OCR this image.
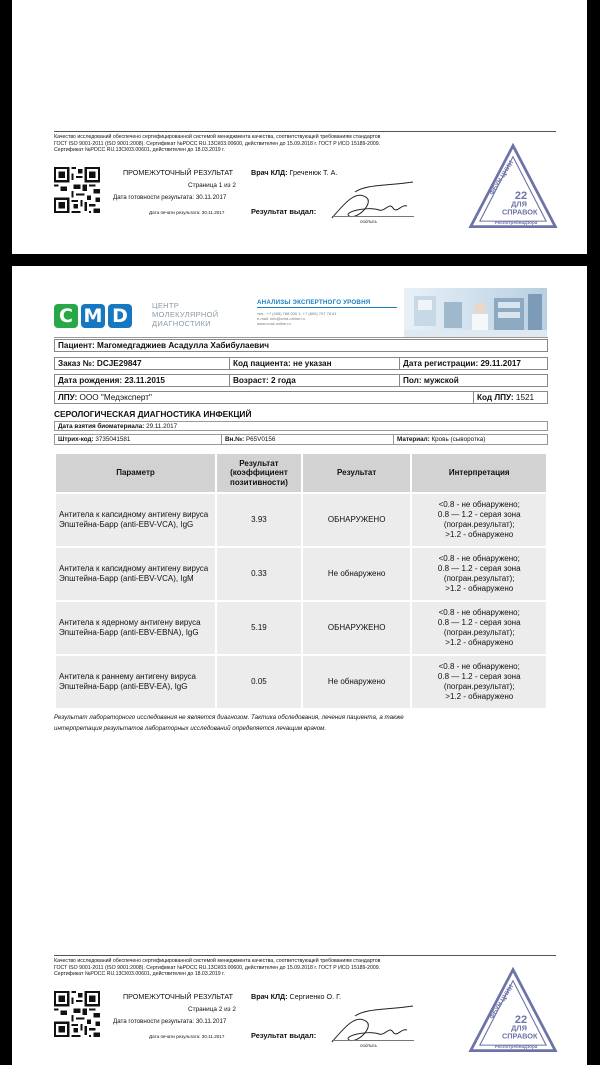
Качество исследований обеспечено сертифицированной системой менеджмента качества, соответствующей требованиям стандартов
ГОСТ ISO 9001-2011 (ISO 9001:2008). Сертификат №РОСС RU.13СК03.00600, действителен до 15.09.2018 г. ГОСТ Р ИСО 15189-2009.
Сертификат №РОСС RU.13СК03.00601, действителен до 18.03.2019 г.
ПРОМЕЖУТОЧНЫЙ РЕЗУЛЬТАТ
Страница 1 из 2
Дата готовности результата: 30.11.2017
Дата печати результата: 30.11.2017
Врач КЛД: Греченюк Т. А.
Результат выдал:
подпись
ФБУН ЦНИИ 22
ДЛЯ
СПРАВОК
Роспотребнадзора
C M D	ЦЕНТР
МОЛЕКУЛЯРНОЙ
ДИАГНОСТИКИ
АНАЛИЗЫ ЭКСПЕРТНОГО УРОВНЯ
тел.: +7 (495) 788 000 1, +7 (800) 707 78 61
e-mail: info@cmd-online.ru
www.cmd-online.ru
Пациент: Магомедгаджиев Асадулла Хабибулаевич
Заказ №: DCJE29847	Код пациента: не указан	Дата регистрации: 29.11.2017
Дата рождения: 23.11.2015	Возраст: 2 года	Пол: мужской
ЛПУ: ООО "Медэксперт"	Код ЛПУ: 1521
СЕРОЛОГИЧЕСКАЯ ДИАГНОСТИКА ИНФЕКЦИЙ
Дата взятия биоматериала: 29.11.2017
Штрих-код: 3735041581	Вн.№: P65V0156	Материал: Кровь (сыворотка)
Параметр	Результат (коэффициент позитивности)	Результат	Интерпретация
Антитела к капсидному антигену вируса Эпштейна-Барр (anti-EBV-VCA), IgG	3.93	ОБНАРУЖЕНО	<0.8 - не обнаружено;
0.8 — 1.2 - серая зона
(погран.результат);
>1.2 - обнаружено

Антитела к капсидному антигену вируса Эпштейна-Барр (anti-EBV-VCA), IgM	0.33	Не обнаружено	<0.8 - не обнаружено;
0.8 — 1.2 - серая зона
(погран.результат);
>1.2 - обнаружено

Антитела к ядерному антигену вируса Эпштейна-Барр (anti-EBV-EBNA), IgG	5.19	ОБНАРУЖЕНО	<0.8 - не обнаружено;
0.8 — 1.2 - серая зона
(погран.результат);
>1.2 - обнаружено

Антитела к раннему антигену вируса Эпштейна-Барр (anti-EBV-EA), IgG	0.05	Не обнаружено	<0.8 - не обнаружено;
0.8 — 1.2 - серая зона
(погран.результат);
>1.2 - обнаружено
Результат лабораторного исследования не является диагнозом. Тактика обследования, лечения пациента, а также
интерпретация результатов лабораторных исследований определяется лечащим врачом.
Качество исследований обеспечено сертифицированной системой менеджмента качества, соответствующей требованиям стандартов
ГОСТ ISO 9001-2011 (ISO 9001:2008). Сертификат №РОСС RU.13СК03.00600, действителен до 15.09.2018 г. ГОСТ Р ИСО 15189-2009.
Сертификат №РОСС RU.13СК03.00601, действителен до 18.03.2019 г.
ПРОМЕЖУТОЧНЫЙ РЕЗУЛЬТАТ
Страница 2 из 2
Дата готовности результата: 30.11.2017
Дата печати результата: 30.11.2017
Врач КЛД: Сергиенко О. Г.
Результат выдал:
подпись
ФБУН ЦНИИ 22
ДЛЯ
СПРАВОК
Роспотребнадзора
